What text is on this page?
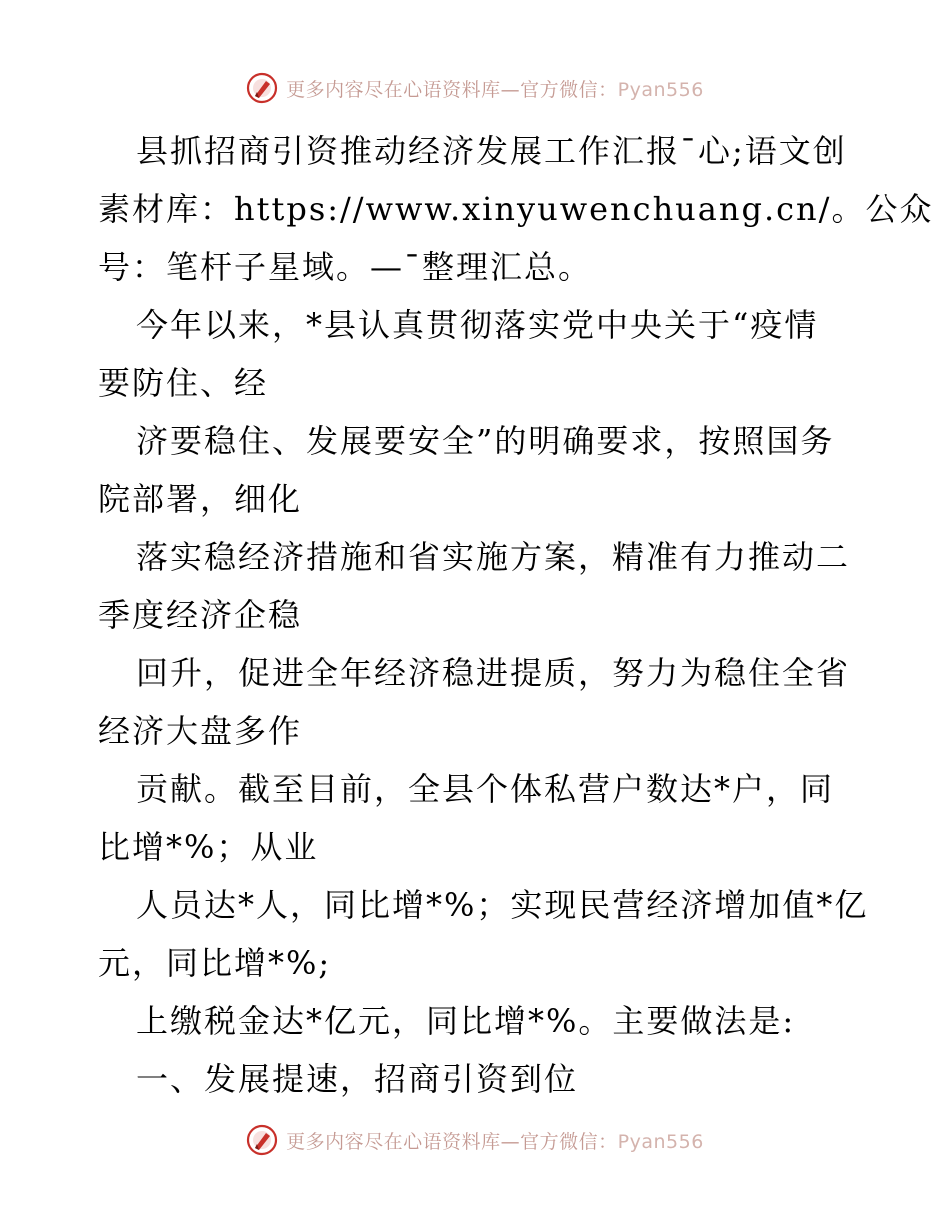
更多内容尽在心语资料库—官方微信：Pyan556
县抓招商引资推动经济发展工作汇报¯心;语文创
素材库：https://www.xinyuwenchuang.cn/。公众
号：笔杆子星域。—¯整理汇总。
今年以来，*县认真贯彻落实党中央关于“疫情
要防住、经
济要稳住、发展要安全”的明确要求，按照国务
院部署，细化
落实稳经济措施和省实施方案，精准有力推动二
季度经济企稳
回升，促进全年经济稳进提质，努力为稳住全省
经济大盘多作
贡献。截至目前，全县个体私营户数达*户，同
比增*%；从业
人员达*人，同比增*%；实现民营经济增加值*亿
元，同比增*%;
上缴税金达*亿元，同比增*%。主要做法是:
一、发展提速，招商引资到位
更多内容尽在心语资料库—官方微信：Pyan556
